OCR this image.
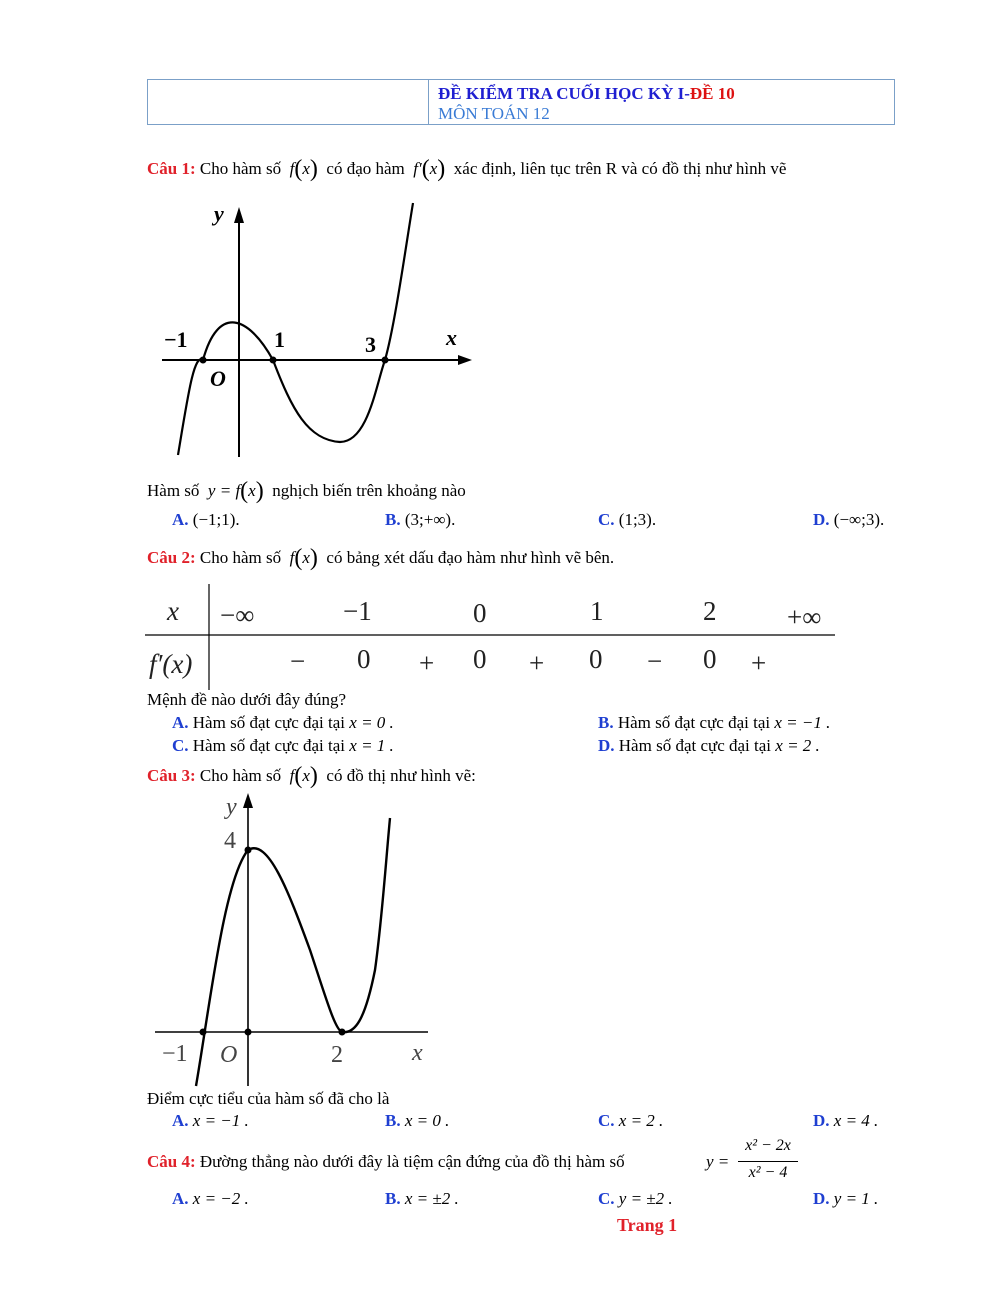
ĐỀ KIỂM TRA CUỐI HỌC KỲ I-ĐỀ 10
MÔN TOÁN 12
Câu 1: Cho hàm số  f(x) có đạo hàm  f′(x) xác định, liên tục trên R và có đồ thị như hình vẽ
y
x
O
−1	1	3
Hàm số  y = f(x) nghịch biến trên khoảng nào
A. (−1;1).	B. (3;+∞).	C. (1;3).	D. (−∞;3).
Câu 2: Cho hàm số  f(x) có bảng xét dấu đạo hàm như hình vẽ bên.
x −∞	−1	0	1	2	+∞
f′(x)	− 0 + 0 + 0 − 0 +
Mệnh đề nào dưới đây đúng?
A. Hàm số đạt cực đại tại x = 0 .	B. Hàm số đạt cực đại tại x = −1 .
C. Hàm số đạt cực đại tại x = 1 .	D. Hàm số đạt cực đại tại x = 2 .
Câu 3: Cho hàm số  f(x) có đồ thị như hình vẽ:
y
4
−1 O	2	x
Điểm cực tiểu của hàm số đã cho là
A. x = −1 .	B. x = 0 .	C. x = 2 .	D. x = 4 .
Câu 4: Đường thẳng nào dưới đây là tiệm cận đứng của đồ thị hàm số	y =
x² − 2x
x² − 4
A. x = −2 .	B. x = ±2 .	C. y = ±2 .	D. y = 1 .
Trang 1
